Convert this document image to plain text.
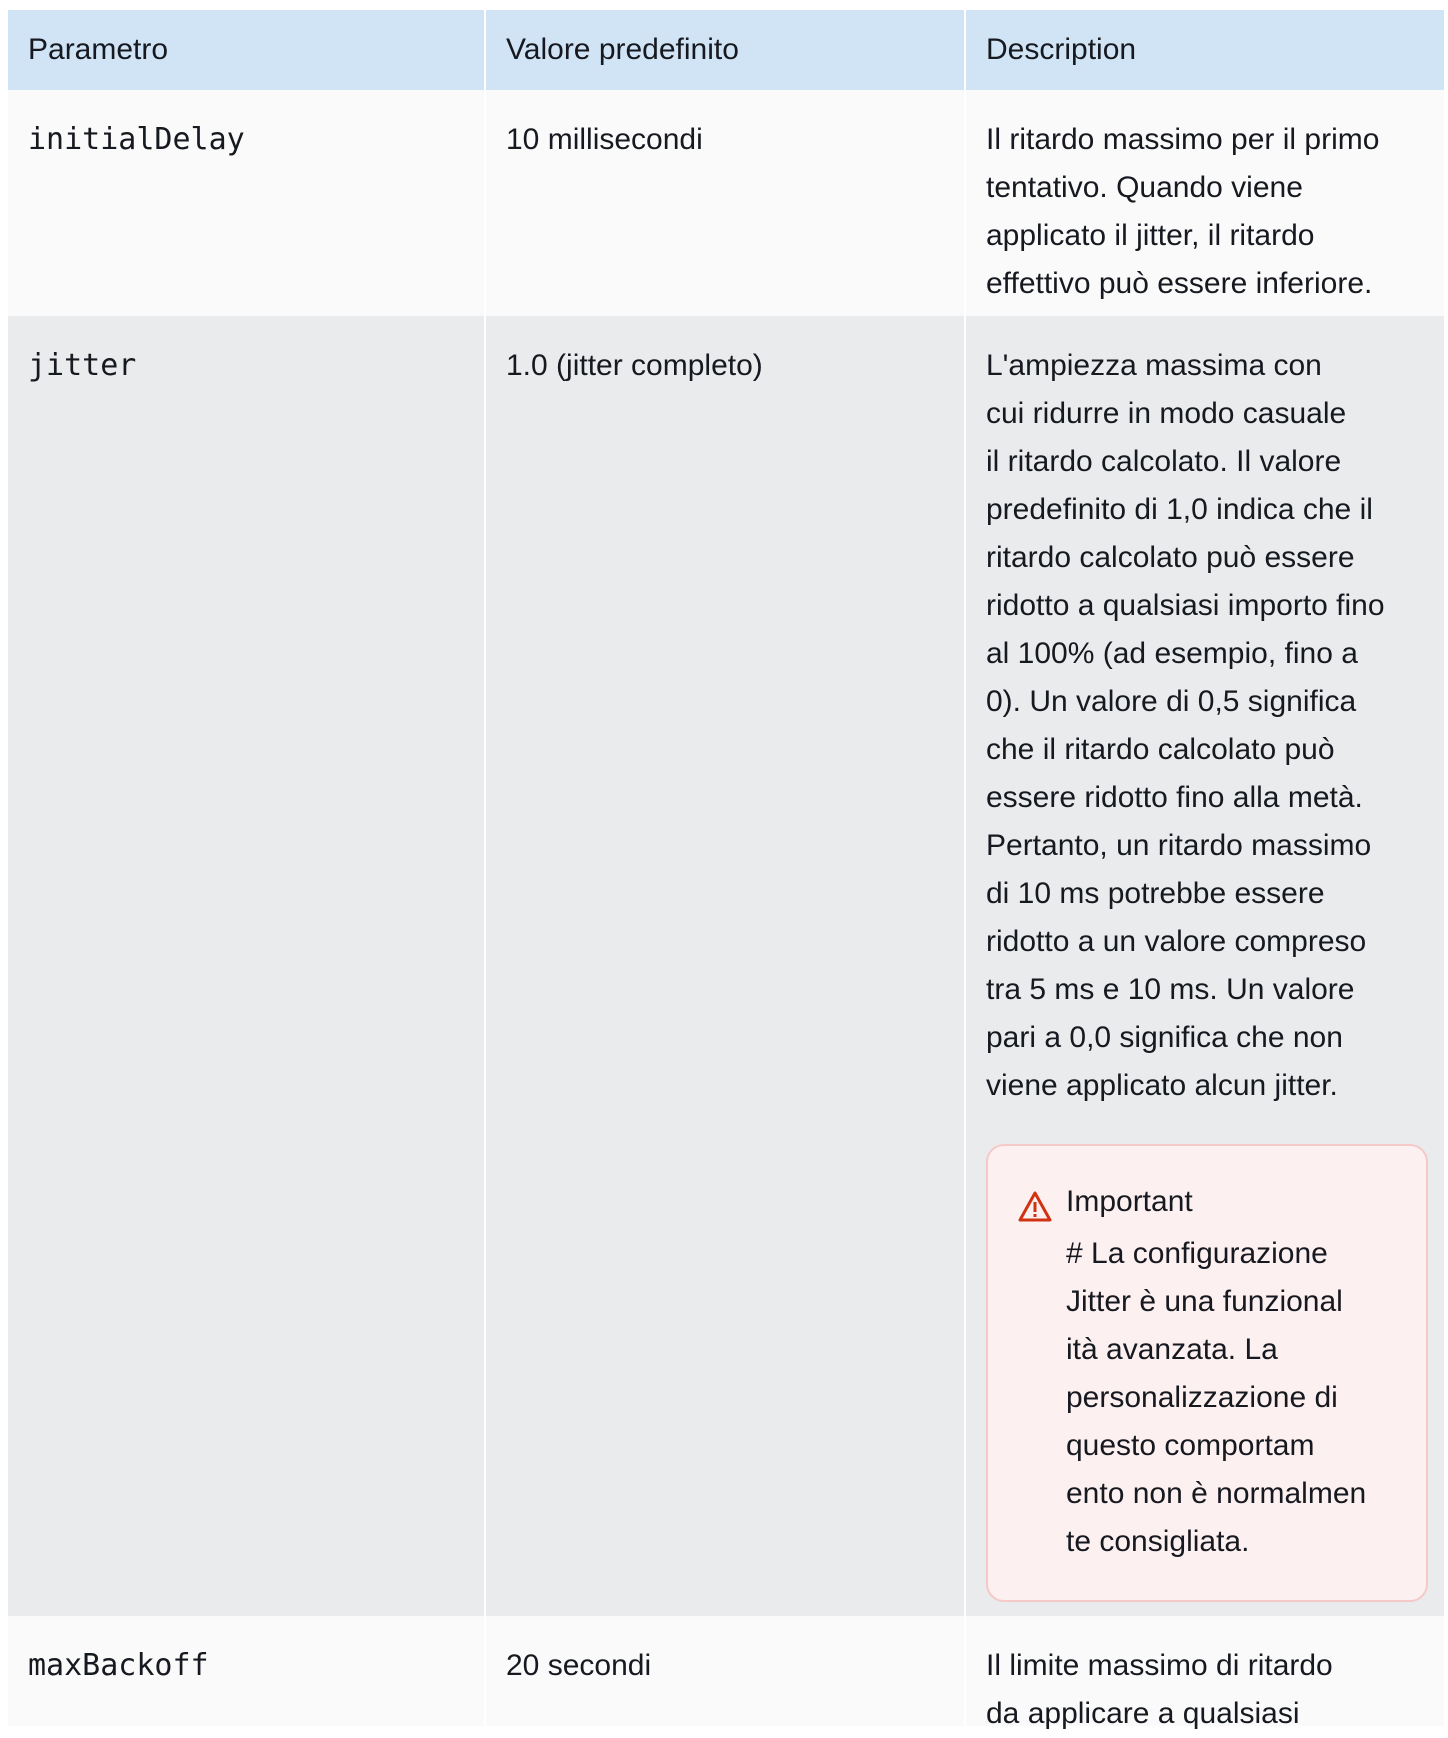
Parametro	Valore predefinito	Description
initialDelay	10 millisecondi	Il ritardo massimo per il primo
tentativo. Quando viene
applicato il jitter, il ritardo
effettivo può essere inferiore.
jitter	1.0 (jitter completo)	L'ampiezza massima con
cui ridurre in modo casuale
il ritardo calcolato. Il valore
predefinito di 1,0 indica che il
ritardo calcolato può essere
ridotto a qualsiasi importo fino
al 100% (ad esempio, fino a
0). Un valore di 0,5 significa
che il ritardo calcolato può
essere ridotto fino alla metà.
Pertanto, un ritardo massimo
di 10 ms potrebbe essere
ridotto a un valore compreso
tra 5 ms e 10 ms. Un valore
pari a 0,0 significa che non
viene applicato alcun jitter.
Important
# La configurazione
Jitter è una funzional
ità avanzata. La
personalizzazione di
questo comportam
ento non è normalmen
te consigliata.
maxBackoff	20 secondi	Il limite massimo di ritardo
da applicare a qualsiasi
